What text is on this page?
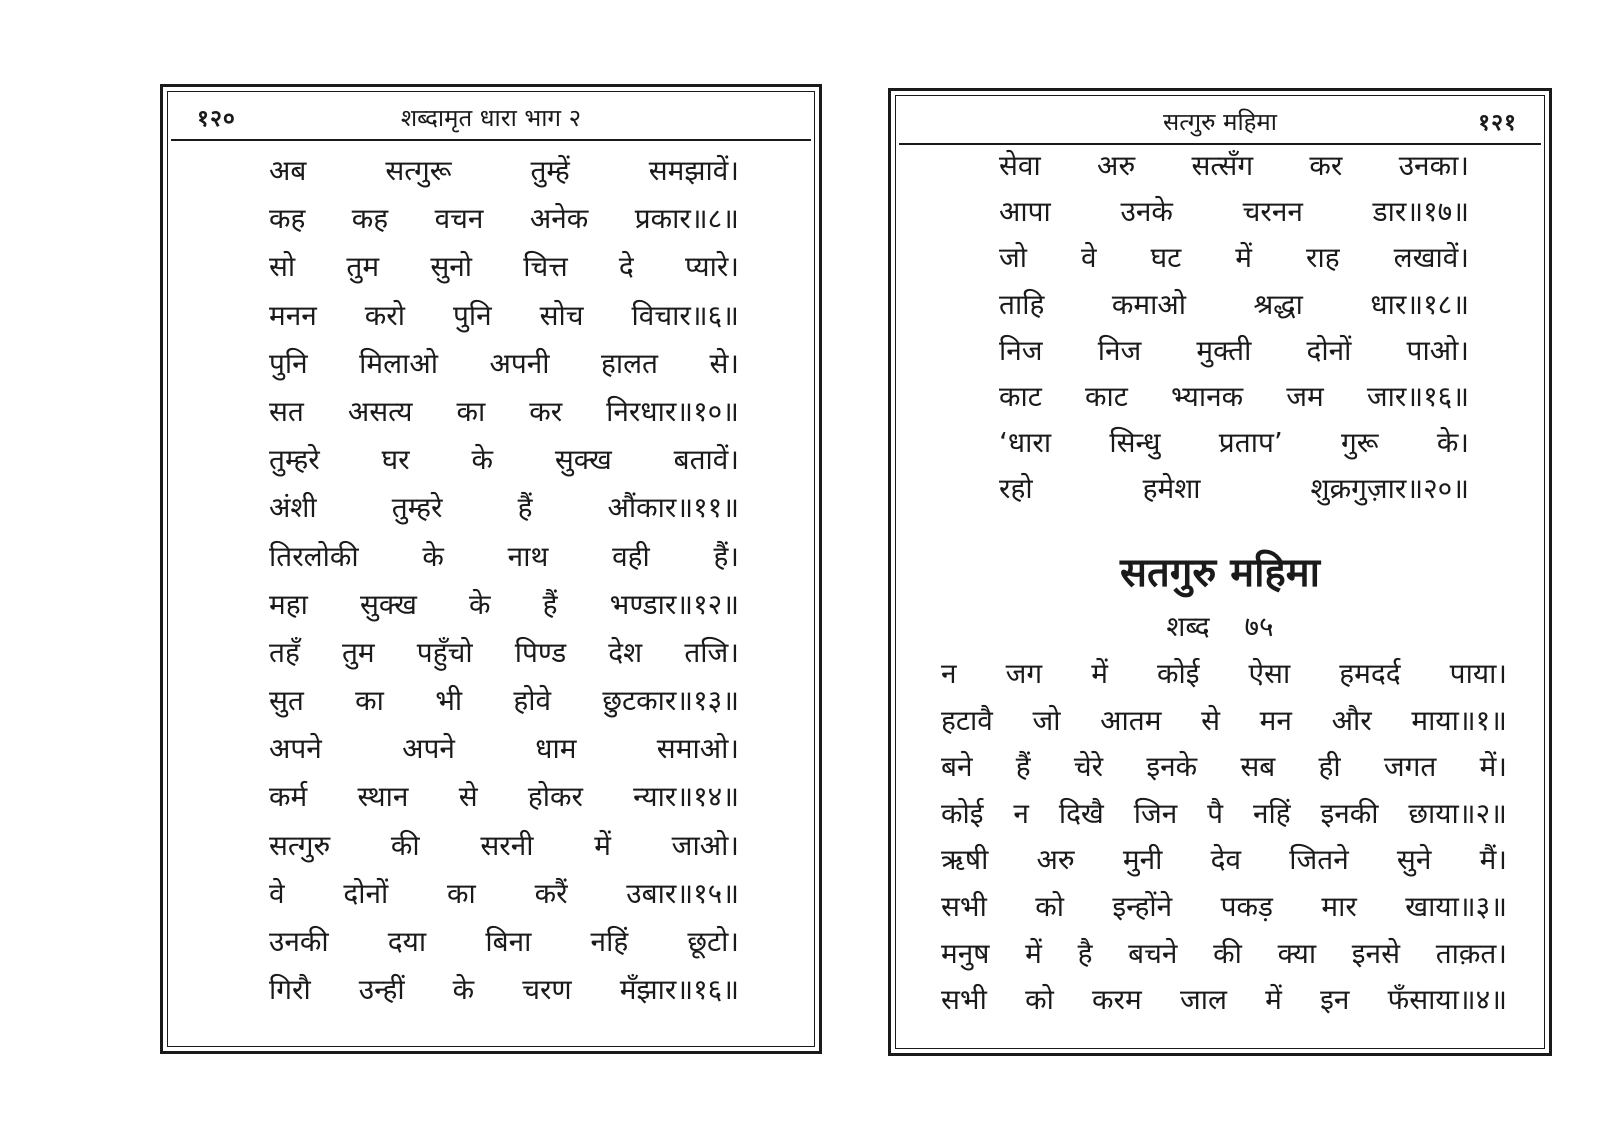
१२०	शब्दामृत धारा भाग २
अब	सत्गुरू	तुम्हें	समझावें।
कह कह वचन अनेक प्रकार॥८॥
सो तुम सुनो चित्त दे प्यारे।
मनन करो पुनि सोच विचार॥६॥
पुनि मिलाओ अपनी हालत से।
सत असत्य का कर निरधार॥१०॥
तुम्हरे घर के सुक्ख बतावें।
अंशी	तुम्हरे	हैं	औंकार॥११॥
तिरलोकी के नाथ वही हैं।
महा सुक्ख के हैं भण्डार॥१२॥
तहँ तुम पहुँचो पिण्ड देश तजि।
सुत का भी होवे छुटकार॥१३॥
अपने	अपने	धाम	समाओ।
कर्म स्थान से होकर न्यार॥१४॥
सत्गुरु की सरनी में जाओ।
वे दोनों का करैं उबार॥१५॥
उनकी दया बिना नहिं छूटो।
गिरौ उन्हीं के चरण मँझार॥१६॥
सत्गुरु महिमा	१२१
सेवा अरु सत्सँग कर उनका।
आपा उनके चरनन डार॥१७॥
जो वे घट में राह लखावें।
ताहि कमाओ श्रद्धा धार॥१८॥
निज निज मुक्ती दोनों पाओ।
काट काट भ्यानक जम जार॥१६॥
‘धारा सिन्धु प्रताप’ गुरू के।
रहो	हमेशा	शुक्रगुज़ार॥२०॥
सतगुरु महिमा
शब्द ७५
न जग में कोई ऐसा हमदर्द पाया।
हटावै जो आतम से मन और माया॥१॥
बने हैं चेरे इनके सब ही जगत में।
कोई न दिखै जिन पै नहिं इनकी छाया॥२॥
ऋषी अरु मुनी देव जितने सुने मैं।
सभी को इन्होंने पकड़ मार खाया॥३॥
मनुष में है बचने की क्या इनसे ताक़त।
सभी को करम जाल में इन फँसाया॥४॥
